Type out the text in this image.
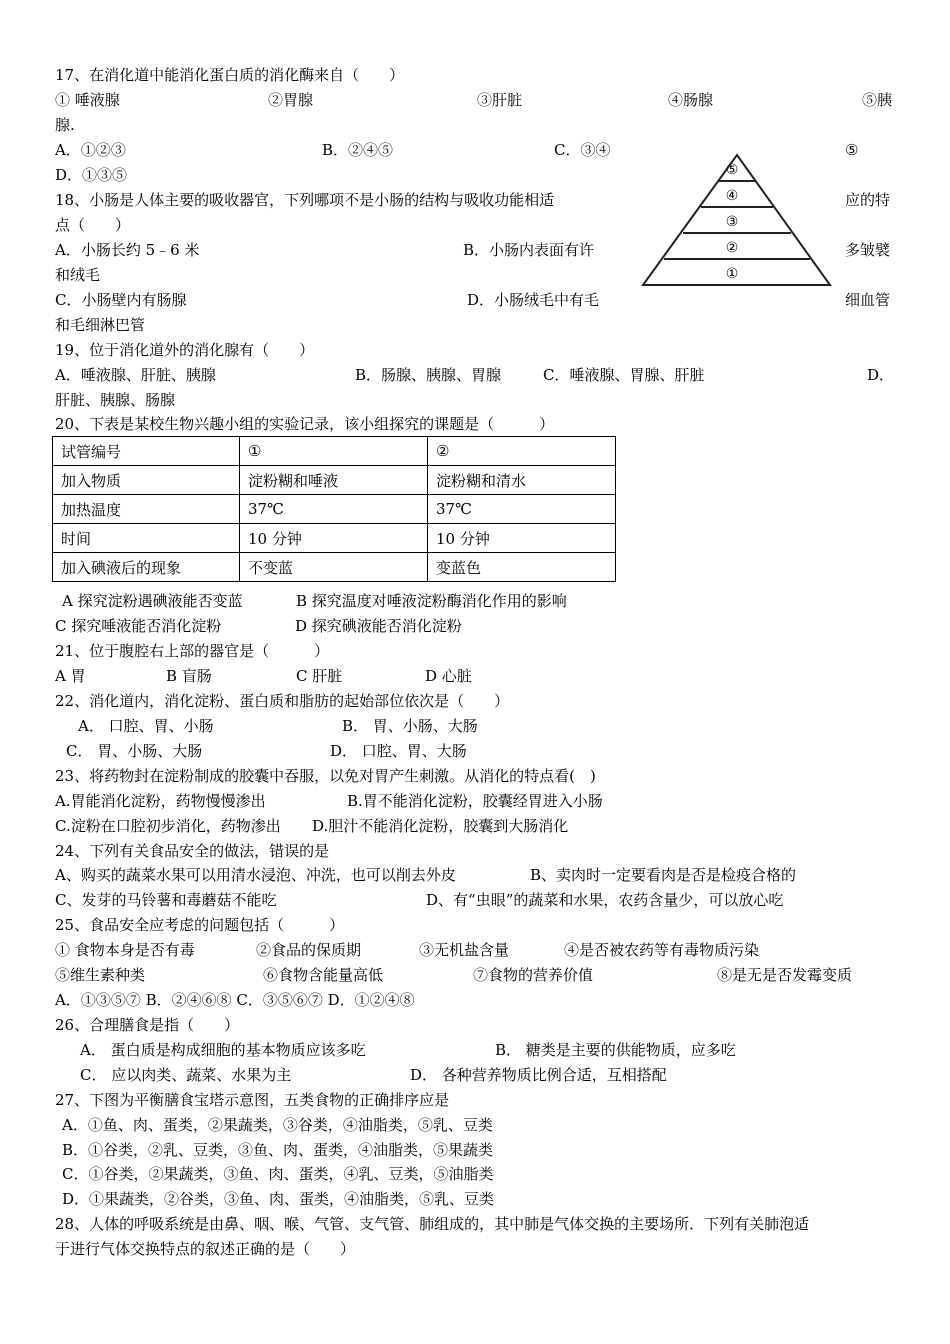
17、在消化道中能消化蛋白质的消化酶来自（　　）
① 唾液腺	②胃腺	③肝脏	④肠腺	⑤胰
腺.
A．①②③	B．②④⑤	C．③④	⑤
D．①③⑤	⑤
④
③
②
①
18、小肠是人体主要的吸收器官，下列哪项不是小肠的结构与吸收功能相适	应的特
点（　　）
A．小肠长约 5﹣6 米	B．小肠内表面有许	多皱襞
和绒毛
C．小肠壁内有肠腺	D．小肠绒毛中有毛	细血管
和毛细淋巴管
19、位于消化道外的消化腺有（　　）
A．唾液腺、肝脏、胰腺	B．肠腺、胰腺、胃腺	C．唾液腺、胃腺、肝脏	D．
肝脏、胰腺、肠腺
20、下表是某校生物兴趣小组的实验记录，该小组探究的课题是（　　　）
试管编号	①	②
加入物质	淀粉糊和唾液	淀粉糊和清水
加热温度	37℃	37℃
时间	10 分钟	10 分钟
加入碘液后的现象	不变蓝	变蓝色
A 探究淀粉遇碘液能否变蓝	B 探究温度对唾液淀粉酶消化作用的影响
C 探究唾液能否消化淀粉	D 探究碘液能否消化淀粉
21、位于腹腔右上部的器官是（　　　）
A 胃	B 盲肠	C 肝脏	D 心脏
22、消化道内，消化淀粉、蛋白质和脂肪的起始部位依次是（　　）
A． 口腔、胃、小肠	B． 胃、小肠、大肠
C． 胃、小肠、大肠	D． 口腔、胃、大肠
23、将药物封在淀粉制成的胶囊中吞服，以免对胃产生刺激。从消化的特点看(　)
A.胃能消化淀粉，药物慢慢渗出	B.胃不能消化淀粉，胶囊经胃进入小肠
C.淀粉在口腔初步消化，药物渗出 D.胆汁不能消化淀粉，胶囊到大肠消化
24、下列有关食品安全的做法，错误的是
A、购买的蔬菜水果可以用清水浸泡、冲洗，也可以削去外皮	B、卖肉时一定要看肉是否是检疫合格的
C、发芽的马铃薯和毒蘑菇不能吃	D、有“虫眼”的蔬菜和水果，农药含量少，可以放心吃
25、食品安全应考虑的问题包括（　　　）
① 食物本身是否有毒	②食品的保质期	③无机盐含量	④是否被农药等有毒物质污染
⑤维生素种类	⑥食物含能量高低	⑦食物的营养价值	⑧是无是否发霉变质
A．①③⑤⑦ B．②④⑥⑧ C．③⑤⑥⑦ D．①②④⑧
26、合理膳食是指（　　）
A． 蛋白质是构成细胞的基本物质应该多吃	B． 糖类是主要的供能物质，应多吃
C． 应以肉类、蔬菜、水果为主	D． 各种营养物质比例合适，互相搭配
27、下图为平衡膳食宝塔示意图，五类食物的正确排序应是
A．①鱼、肉、蛋类，②果蔬类，③谷类，④油脂类，⑤乳、豆类
B．①谷类，②乳、豆类，③鱼、肉、蛋类，④油脂类，⑤果蔬类
C．①谷类，②果蔬类，③鱼、肉、蛋类，④乳、豆类，⑤油脂类
D．①果蔬类，②谷类，③鱼、肉、蛋类，④油脂类，⑤乳、豆类
28、人体的呼吸系统是由鼻、咽、喉、气管、支气管、肺组成的，其中肺是气体交换的主要场所．下列有关肺泡适
于进行气体交换特点的叙述正确的是（　　）
